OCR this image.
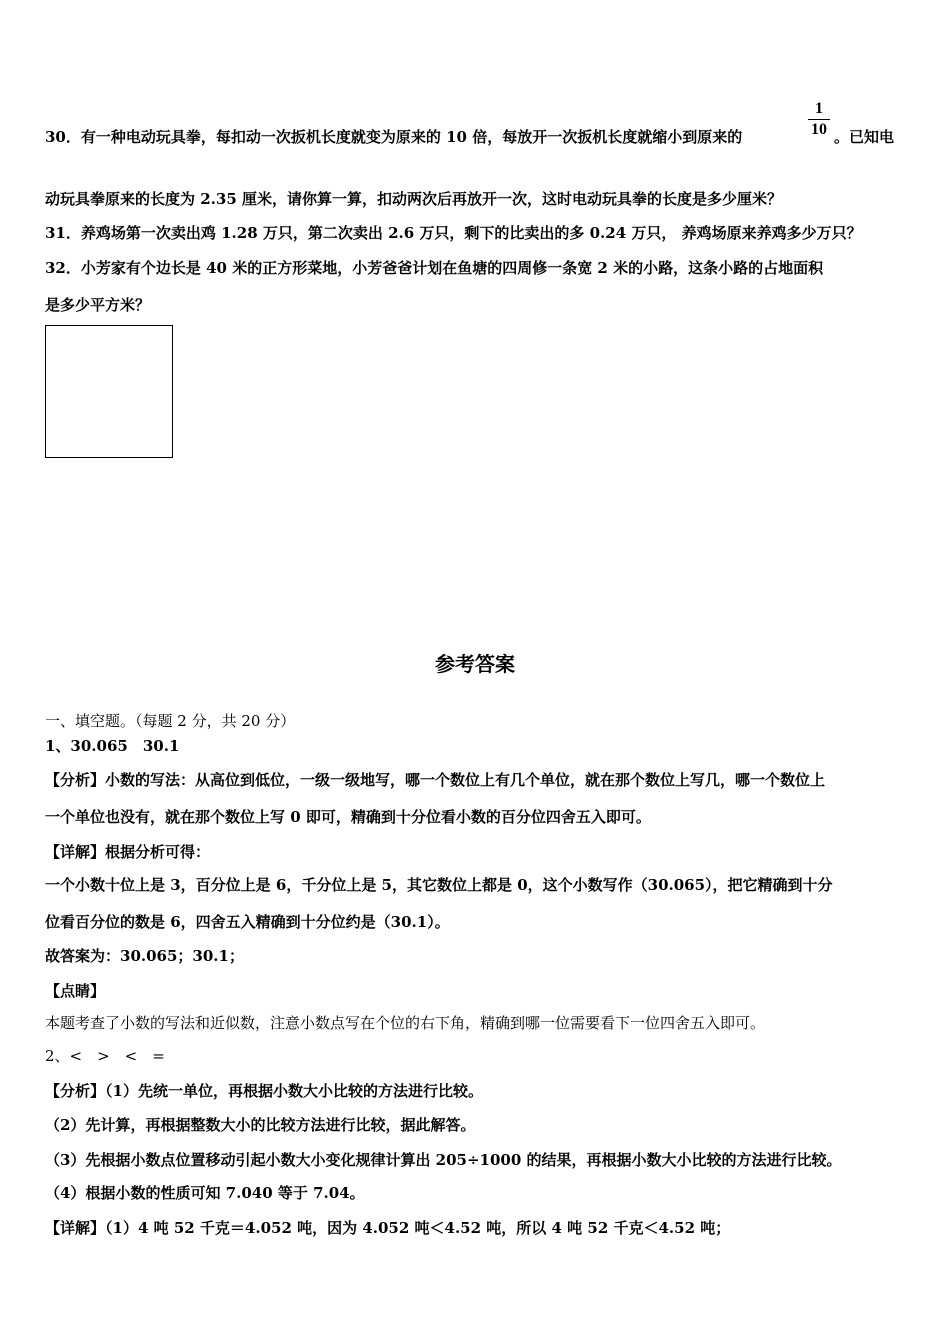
30．有一种电动玩具拳，每扣动一次扳机长度就变为原来的 10 倍，每放开一次扳机长度就缩小到原来的
1
10 。已知电
动玩具拳原来的长度为 2.35 厘米，请你算一算，扣动两次后再放开一次，这时电动玩具拳的长度是多少厘米？
31．养鸡场第一次卖出鸡 1.28 万只，第二次卖出 2.6 万只，剩下的比卖出的多 0.24 万只， 养鸡场原来养鸡多少万只？
32．小芳家有个边长是 40 米的正方形菜地，小芳爸爸计划在鱼塘的四周修一条宽 2 米的小路，这条小路的占地面积
是多少平方米？
参考答案
一、填空题。（每题 2 分，共 20 分）
1、30.065　30.1
【分析】小数的写法：从高位到低位，一级一级地写，哪一个数位上有几个单位，就在那个数位上写几，哪一个数位上
一个单位也没有，就在那个数位上写 0 即可，精确到十分位看小数的百分位四舍五入即可。
【详解】根据分析可得：
一个小数十位上是 3，百分位上是 6，千分位上是 5，其它数位上都是 0，这个小数写作（30.065），把它精确到十分
位看百分位的数是 6，四舍五入精确到十分位约是（30.1）。
故答案为：30.065；30.1；
【点睛】
本题考查了小数的写法和近似数，注意小数点写在个位的右下角，精确到哪一位需要看下一位四舍五入即可。
2、<　>　<　=
【分析】（1）先统一单位，再根据小数大小比较的方法进行比较。
（2）先计算，再根据整数大小的比较方法进行比较，据此解答。
（3）先根据小数点位置移动引起小数大小变化规律计算出 205÷1000 的结果，再根据小数大小比较的方法进行比较。
（4）根据小数的性质可知 7.040 等于 7.04。
【详解】（1）4 吨 52 千克＝4.052 吨，因为 4.052 吨＜4.52 吨，所以 4 吨 52 千克＜4.52 吨；
